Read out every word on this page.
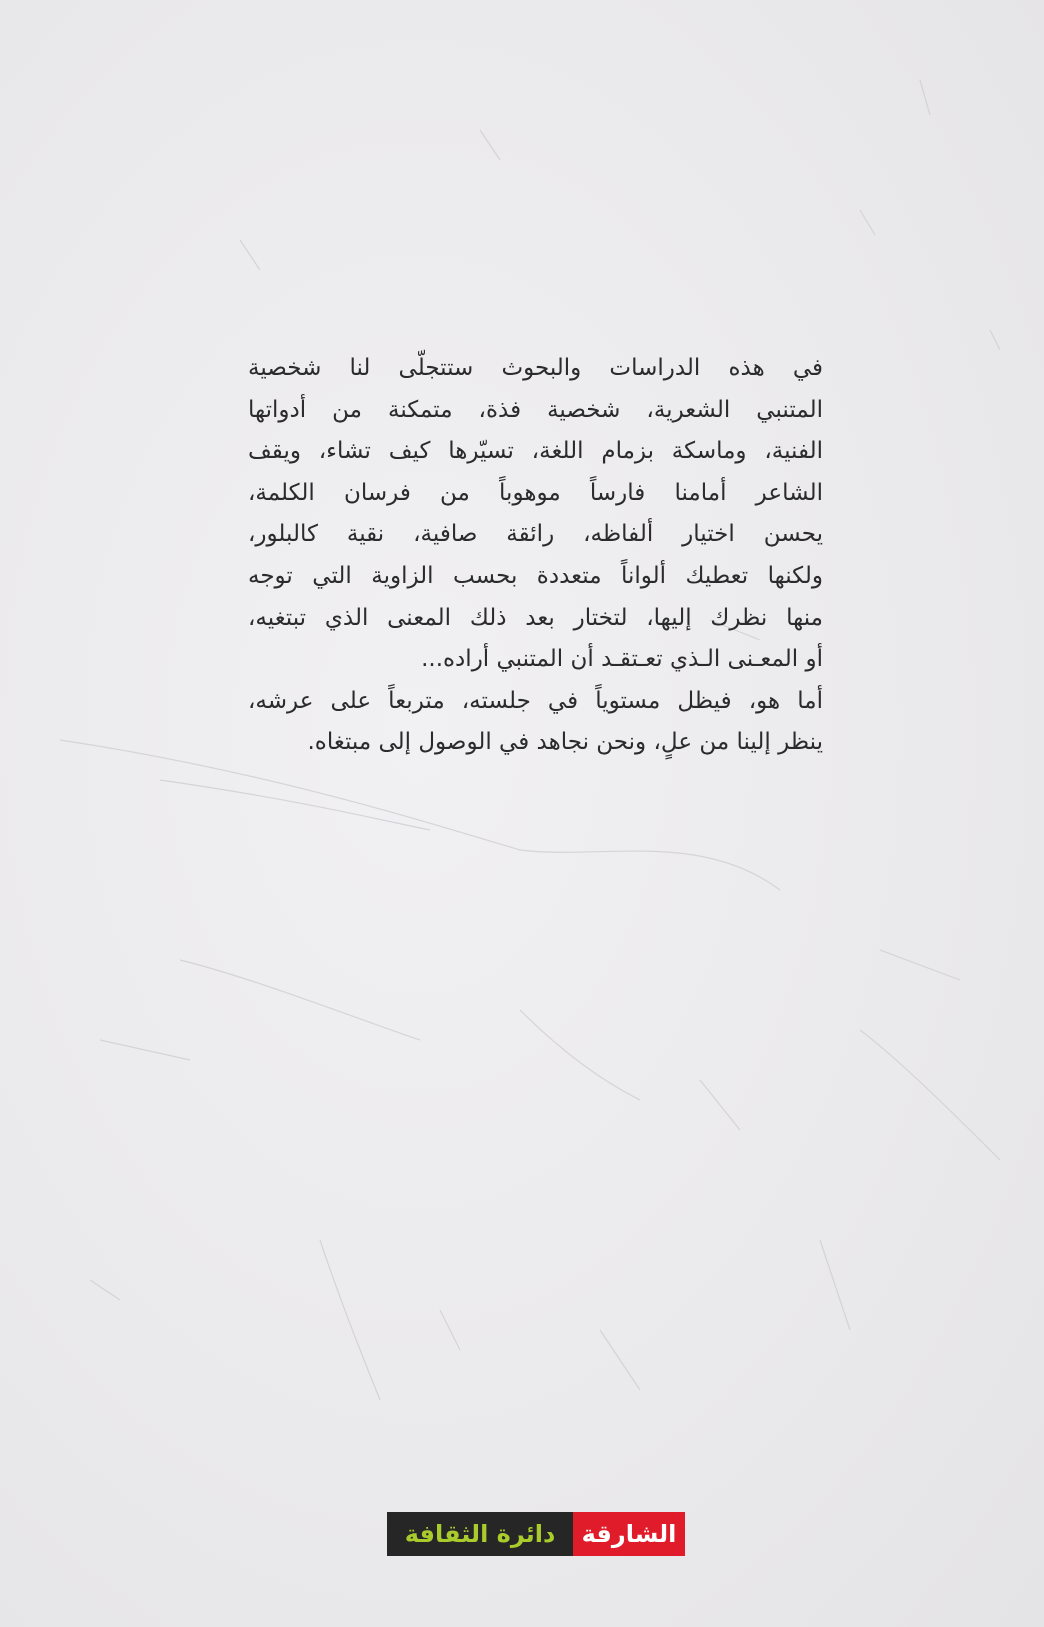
في هذه الدراسات والبحوث ستتجلّى لنا شخصية
المتنبي الشعرية، شخصية فذة، متمكنة من أدواتها
الفنية، وماسكة بزمام اللغة، تسيّرها كيف تشاء، ويقف
الشاعر أمامنا فارساً موهوباً من فرسان الكلمة،
يحسن اختيار ألفاظه، رائقة صافية، نقية كالبلور،
ولكنها تعطيك ألواناً متعددة بحسب الزاوية التي توجه
منها نظرك إليها، لتختار بعد ذلك المعنى الذي تبتغيه،
أو المعـنى الـذي تعـتقـد أن المتنبي أراده...
أما هو، فيظل مستوياً في جلسته، متربعاً على عرشه،
ينظر إلينا من علٍ، ونحن نجاهد في الوصول إلى مبتغاه.
دائرة الثقافة	الشارقة
